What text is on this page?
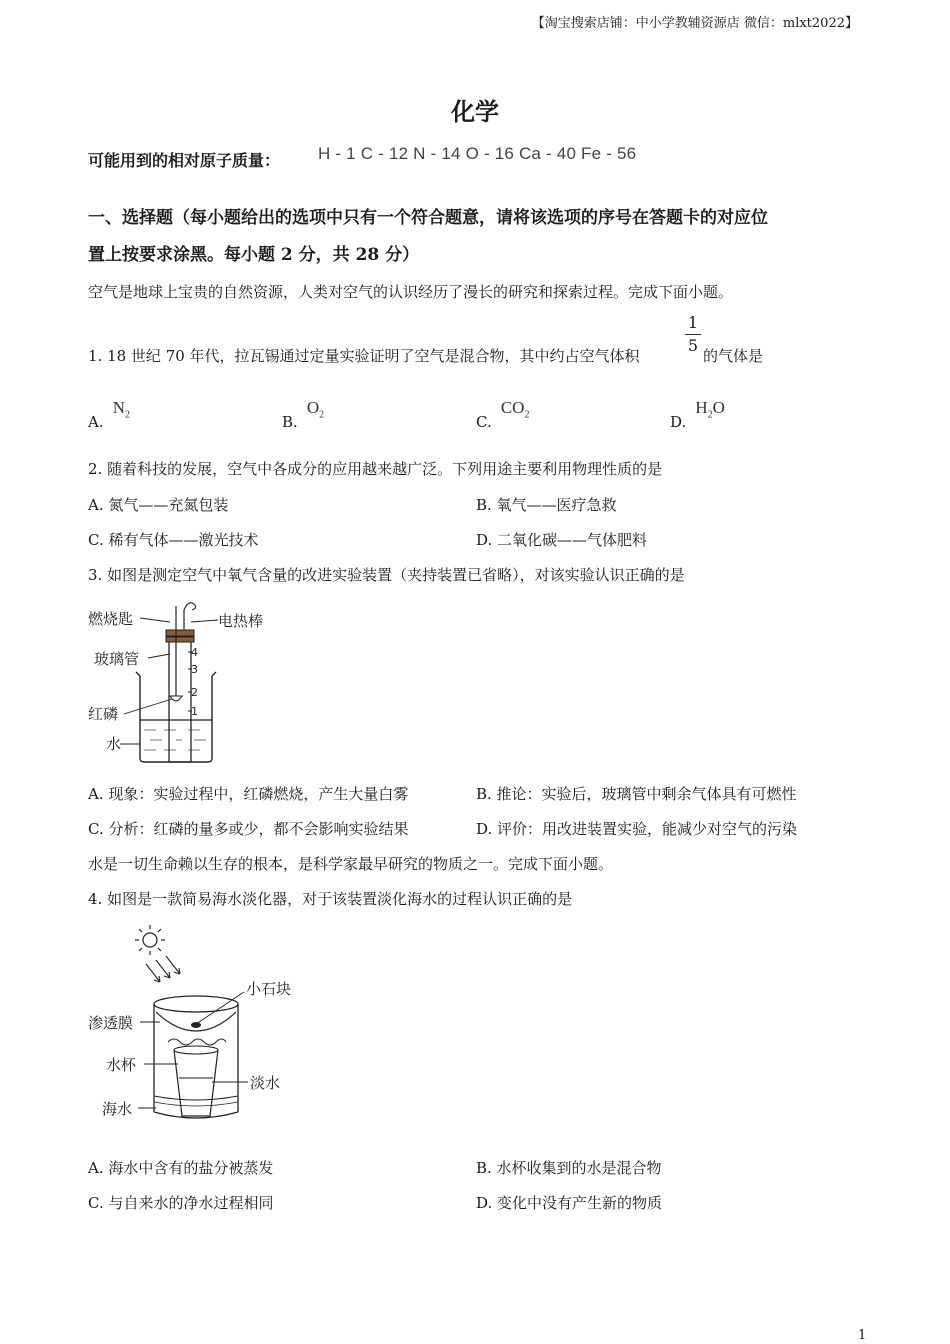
【淘宝搜索店铺：中小学教辅资源店 微信：mlxt2022】
化学
可能用到的相对原子质量： H - 1 C - 12 N - 14 O - 16 Ca - 40 Fe - 56
一、选择题（每小题给出的选项中只有一个符合题意，请将该选项的序号在答题卡的对应位
置上按要求涂黑。每小题 2 分，共 28 分）
空气是地球上宝贵的自然资源，人类对空气的认识经历了漫长的研究和探索过程。完成下面小题。
1. 18 世纪 70 年代，拉瓦锡通过定量实验证明了空气是混合物，其中约占空气体积
1
5
的气体是
A. $N_2$	B. $O_2$	C. $CO_2$	D. $H_2O$
2. 随着科技的发展，空气中各成分的应用越来越广泛。下列用途主要利用物理性质的是
A. 氮气——充氮包装	B. 氧气——医疗急救
C. 稀有气体——激光技术	D. 二氧化碳——气体肥料
3. 如图是测定空气中氧气含量的改进实验装置（夹持装置已省略），对该实验认识正确的是
4
3
2
1
燃烧匙	电热棒
玻璃管
红磷
水
A. 现象：实验过程中，红磷燃烧，产生大量白雾	B. 推论：实验后，玻璃管中剩余气体具有可燃性
C. 分析：红磷的量多或少，都不会影响实验结果	D. 评价：用改进装置实验，能减少对空气的污染
水是一切生命赖以生存的根本，是科学家最早研究的物质之一。完成下面小题。
4. 如图是一款简易海水淡化器，对于该装置淡化海水的过程认识正确的是
小石块
渗透膜
水杯
淡水
海水
A. 海水中含有的盐分被蒸发	B. 水杯收集到的水是混合物
C. 与自来水的净水过程相同	D. 变化中没有产生新的物质
1
